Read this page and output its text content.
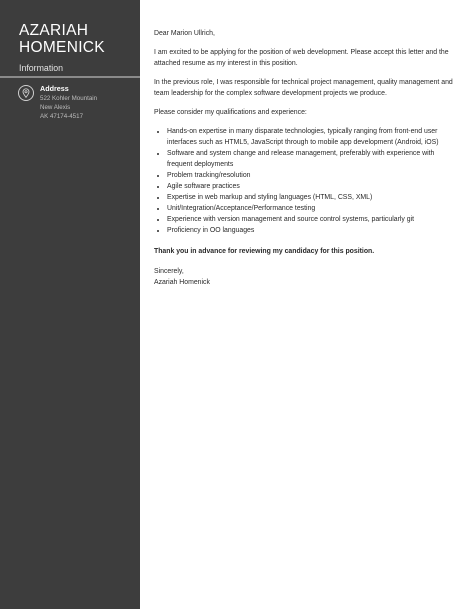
AZARIAH
HOMENICK
Information
Address
522 Kohler Mountain
New Alexis
AK 47174-4517

Dear Marion Ullrich,

I am excited to be applying for the position of web development. Please accept this letter and the attached resume as my interest in this position.

In the previous role, I was responsible for technical project management, quality management and team leadership for the complex software development projects we produce.

Please consider my qualifications and experience:

• Hands-on expertise in many disparate technologies, typically ranging from front-end user interfaces such as HTML5, JavaScript through to mobile app development (Android, iOS)
• Software and system change and release management, preferably with experience with frequent deployments
• Problem tracking/resolution
• Agile software practices
• Expertise in web markup and styling languages (HTML, CSS, XML)
• Unit/Integration/Acceptance/Performance testing
• Experience with version management and source control systems, particularly git
• Proficiency in OO languages

Thank you in advance for reviewing my candidacy for this position.

Sincerely,

Azariah Homenick
